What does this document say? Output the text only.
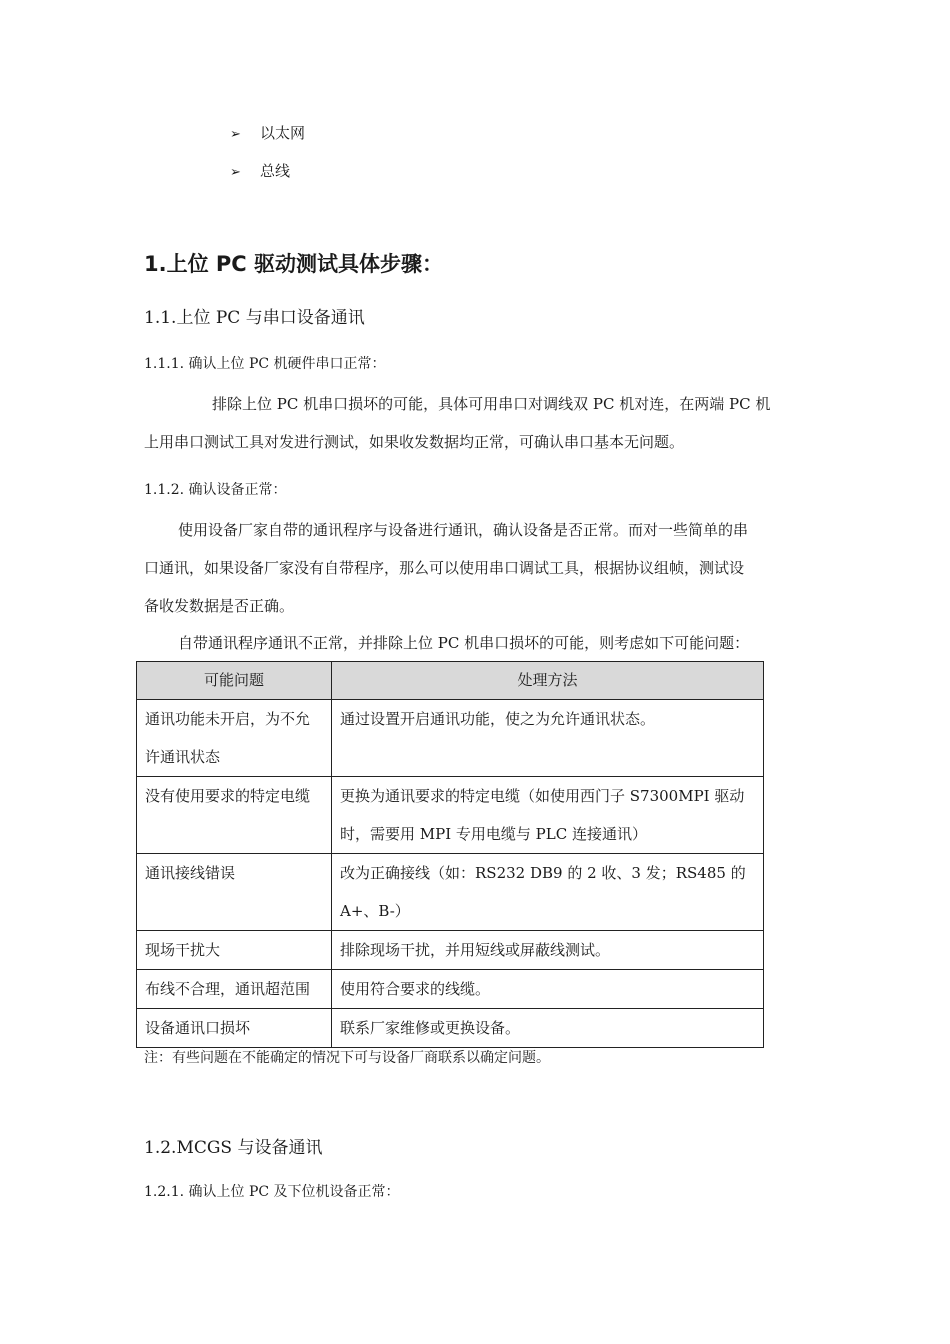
➢ 以太网
➢ 总线
1.上位 PC 驱动测试具体步骤：
1.1.上位 PC 与串口设备通讯
1.1.1. 确认上位 PC 机硬件串口正常：
排除上位 PC 机串口损坏的可能，具体可用串口对调线双 PC 机对连，在两端 PC 机
上用串口测试工具对发进行测试，如果收发数据均正常，可确认串口基本无问题。
1.1.2. 确认设备正常：
使用设备厂家自带的通讯程序与设备进行通讯，确认设备是否正常。而对一些简单的串
口通讯，如果设备厂家没有自带程序，那么可以使用串口调试工具，根据协议组帧，测试设
备收发数据是否正确。
自带通讯程序通讯不正常，并排除上位 PC 机串口损坏的可能，则考虑如下可能问题：
可能问题	处理方法
通讯功能未开启，为不允许通讯状态	通过设置开启通讯功能，使之为允许通讯状态。
没有使用要求的特定电缆	更换为通讯要求的特定电缆（如使用西门子 S7300MPI 驱动时，需要用 MPI 专用电缆与 PLC 连接通讯）
通讯接线错误	改为正确接线（如：RS232 DB9 的 2 收、3 发；RS485 的 A+、B-）
现场干扰大	排除现场干扰，并用短线或屏蔽线测试。
布线不合理，通讯超范围	使用符合要求的线缆。
设备通讯口损坏	联系厂家维修或更换设备。
注：有些问题在不能确定的情况下可与设备厂商联系以确定问题。
1.2.MCGS 与设备通讯
1.2.1. 确认上位 PC 及下位机设备正常：
